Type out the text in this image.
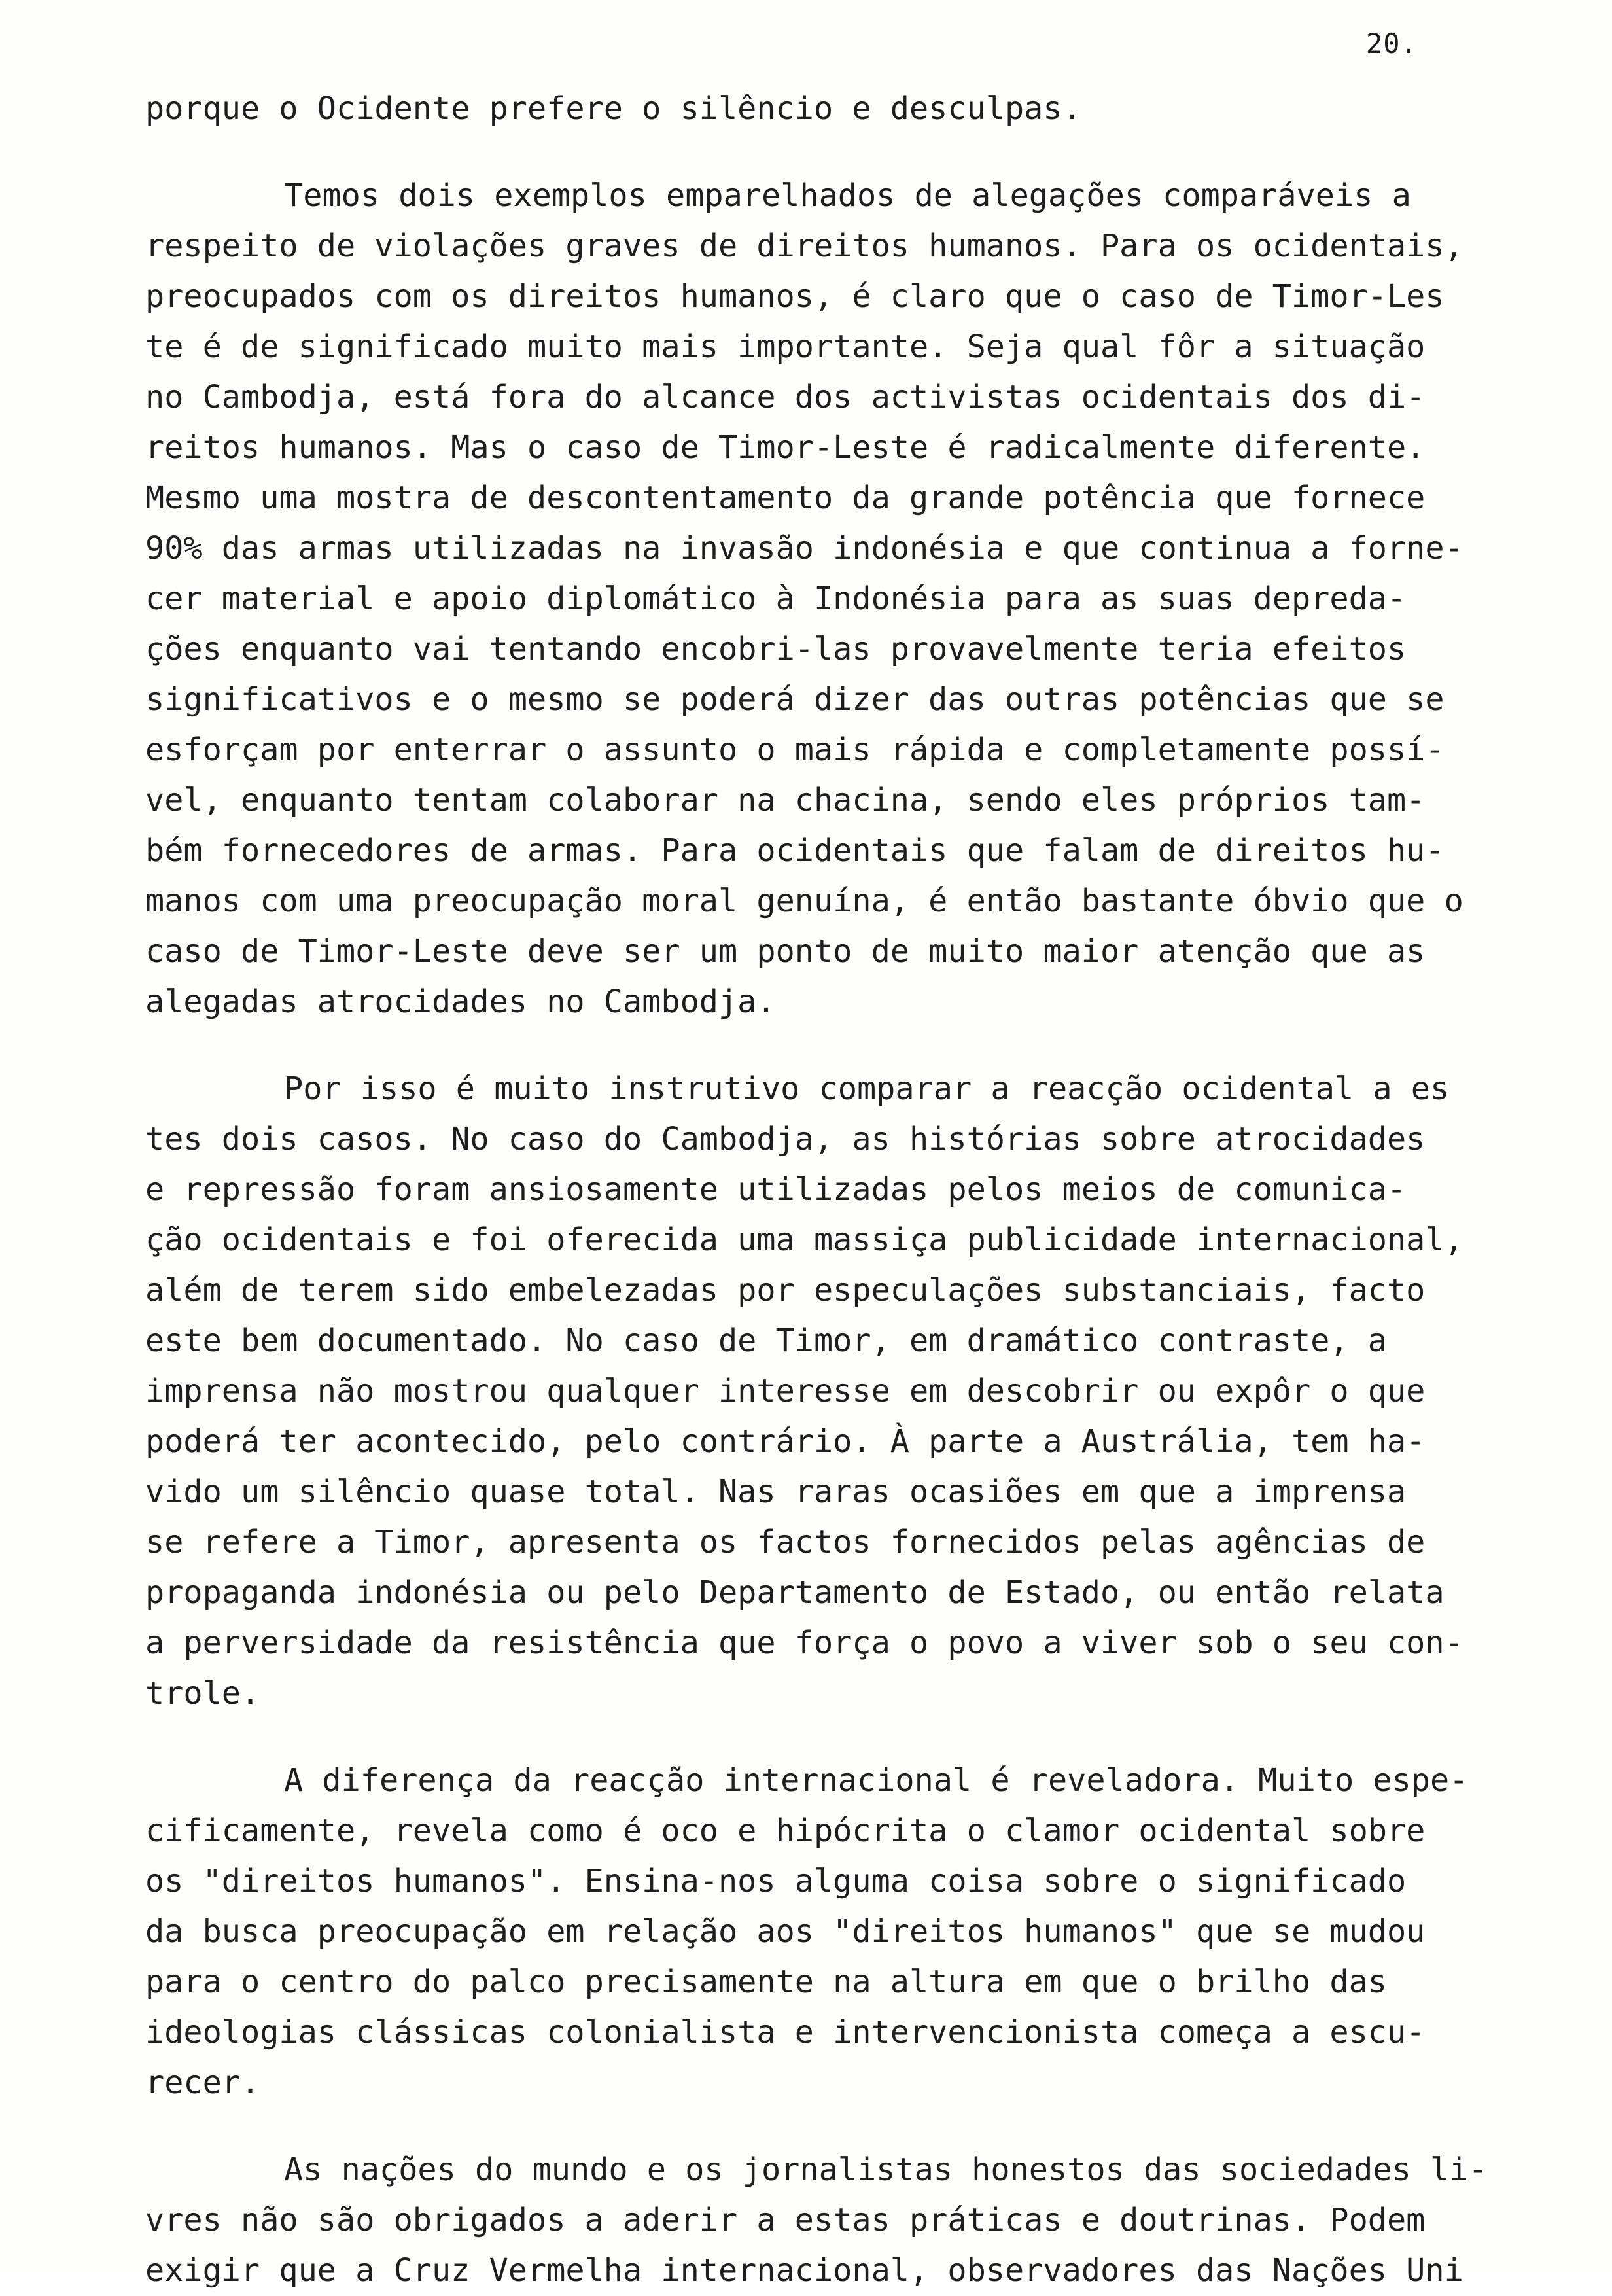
20.
porque o Ocidente prefere o silêncio e desculpas.
Temos dois exemplos emparelhados de alegações comparáveis a
respeito de violações graves de direitos humanos. Para os ocidentais,
preocupados com os direitos humanos, é claro que o caso de Timor-Les
te é de significado muito mais importante. Seja qual fôr a situação
no Cambodja, está fora do alcance dos activistas ocidentais dos di-
reitos humanos. Mas o caso de Timor-Leste é radicalmente diferente.
Mesmo uma mostra de descontentamento da grande potência que fornece
90% das armas utilizadas na invasão indonésia e que continua a forne-
cer material e apoio diplomático à Indonésia para as suas depreda-
ções enquanto vai tentando encobri-las provavelmente teria efeitos
significativos e o mesmo se poderá dizer das outras potências que se
esforçam por enterrar o assunto o mais rápida e completamente possí-
vel, enquanto tentam colaborar na chacina, sendo eles próprios tam-
bém fornecedores de armas. Para ocidentais que falam de direitos hu-
manos com uma preocupação moral genuína, é então bastante óbvio que o
caso de Timor-Leste deve ser um ponto de muito maior atenção que as
alegadas atrocidades no Cambodja.
Por isso é muito instrutivo comparar a reacção ocidental a es
tes dois casos. No caso do Cambodja, as histórias sobre atrocidades
e repressão foram ansiosamente utilizadas pelos meios de comunica-
ção ocidentais e foi oferecida uma massiça publicidade internacional,
além de terem sido embelezadas por especulações substanciais, facto
este bem documentado. No caso de Timor, em dramático contraste, a
imprensa não mostrou qualquer interesse em descobrir ou expôr o que
poderá ter acontecido, pelo contrário. À parte a Austrália, tem ha-
vido um silêncio quase total. Nas raras ocasiões em que a imprensa
se refere a Timor, apresenta os factos fornecidos pelas agências de
propaganda indonésia ou pelo Departamento de Estado, ou então relata
a perversidade da resistência que força o povo a viver sob o seu con-
trole.
A diferença da reacção internacional é reveladora. Muito espe-
cificamente, revela como é oco e hipócrita o clamor ocidental sobre
os "direitos humanos". Ensina-nos alguma coisa sobre o significado
da busca preocupação em relação aos "direitos humanos" que se mudou
para o centro do palco precisamente na altura em que o brilho das
ideologias clássicas colonialista e intervencionista começa a escu-
recer.
As nações do mundo e os jornalistas honestos das sociedades li-
vres não são obrigados a aderir a estas práticas e doutrinas. Podem
exigir que a Cruz Vermelha internacional, observadores das Nações Uni
